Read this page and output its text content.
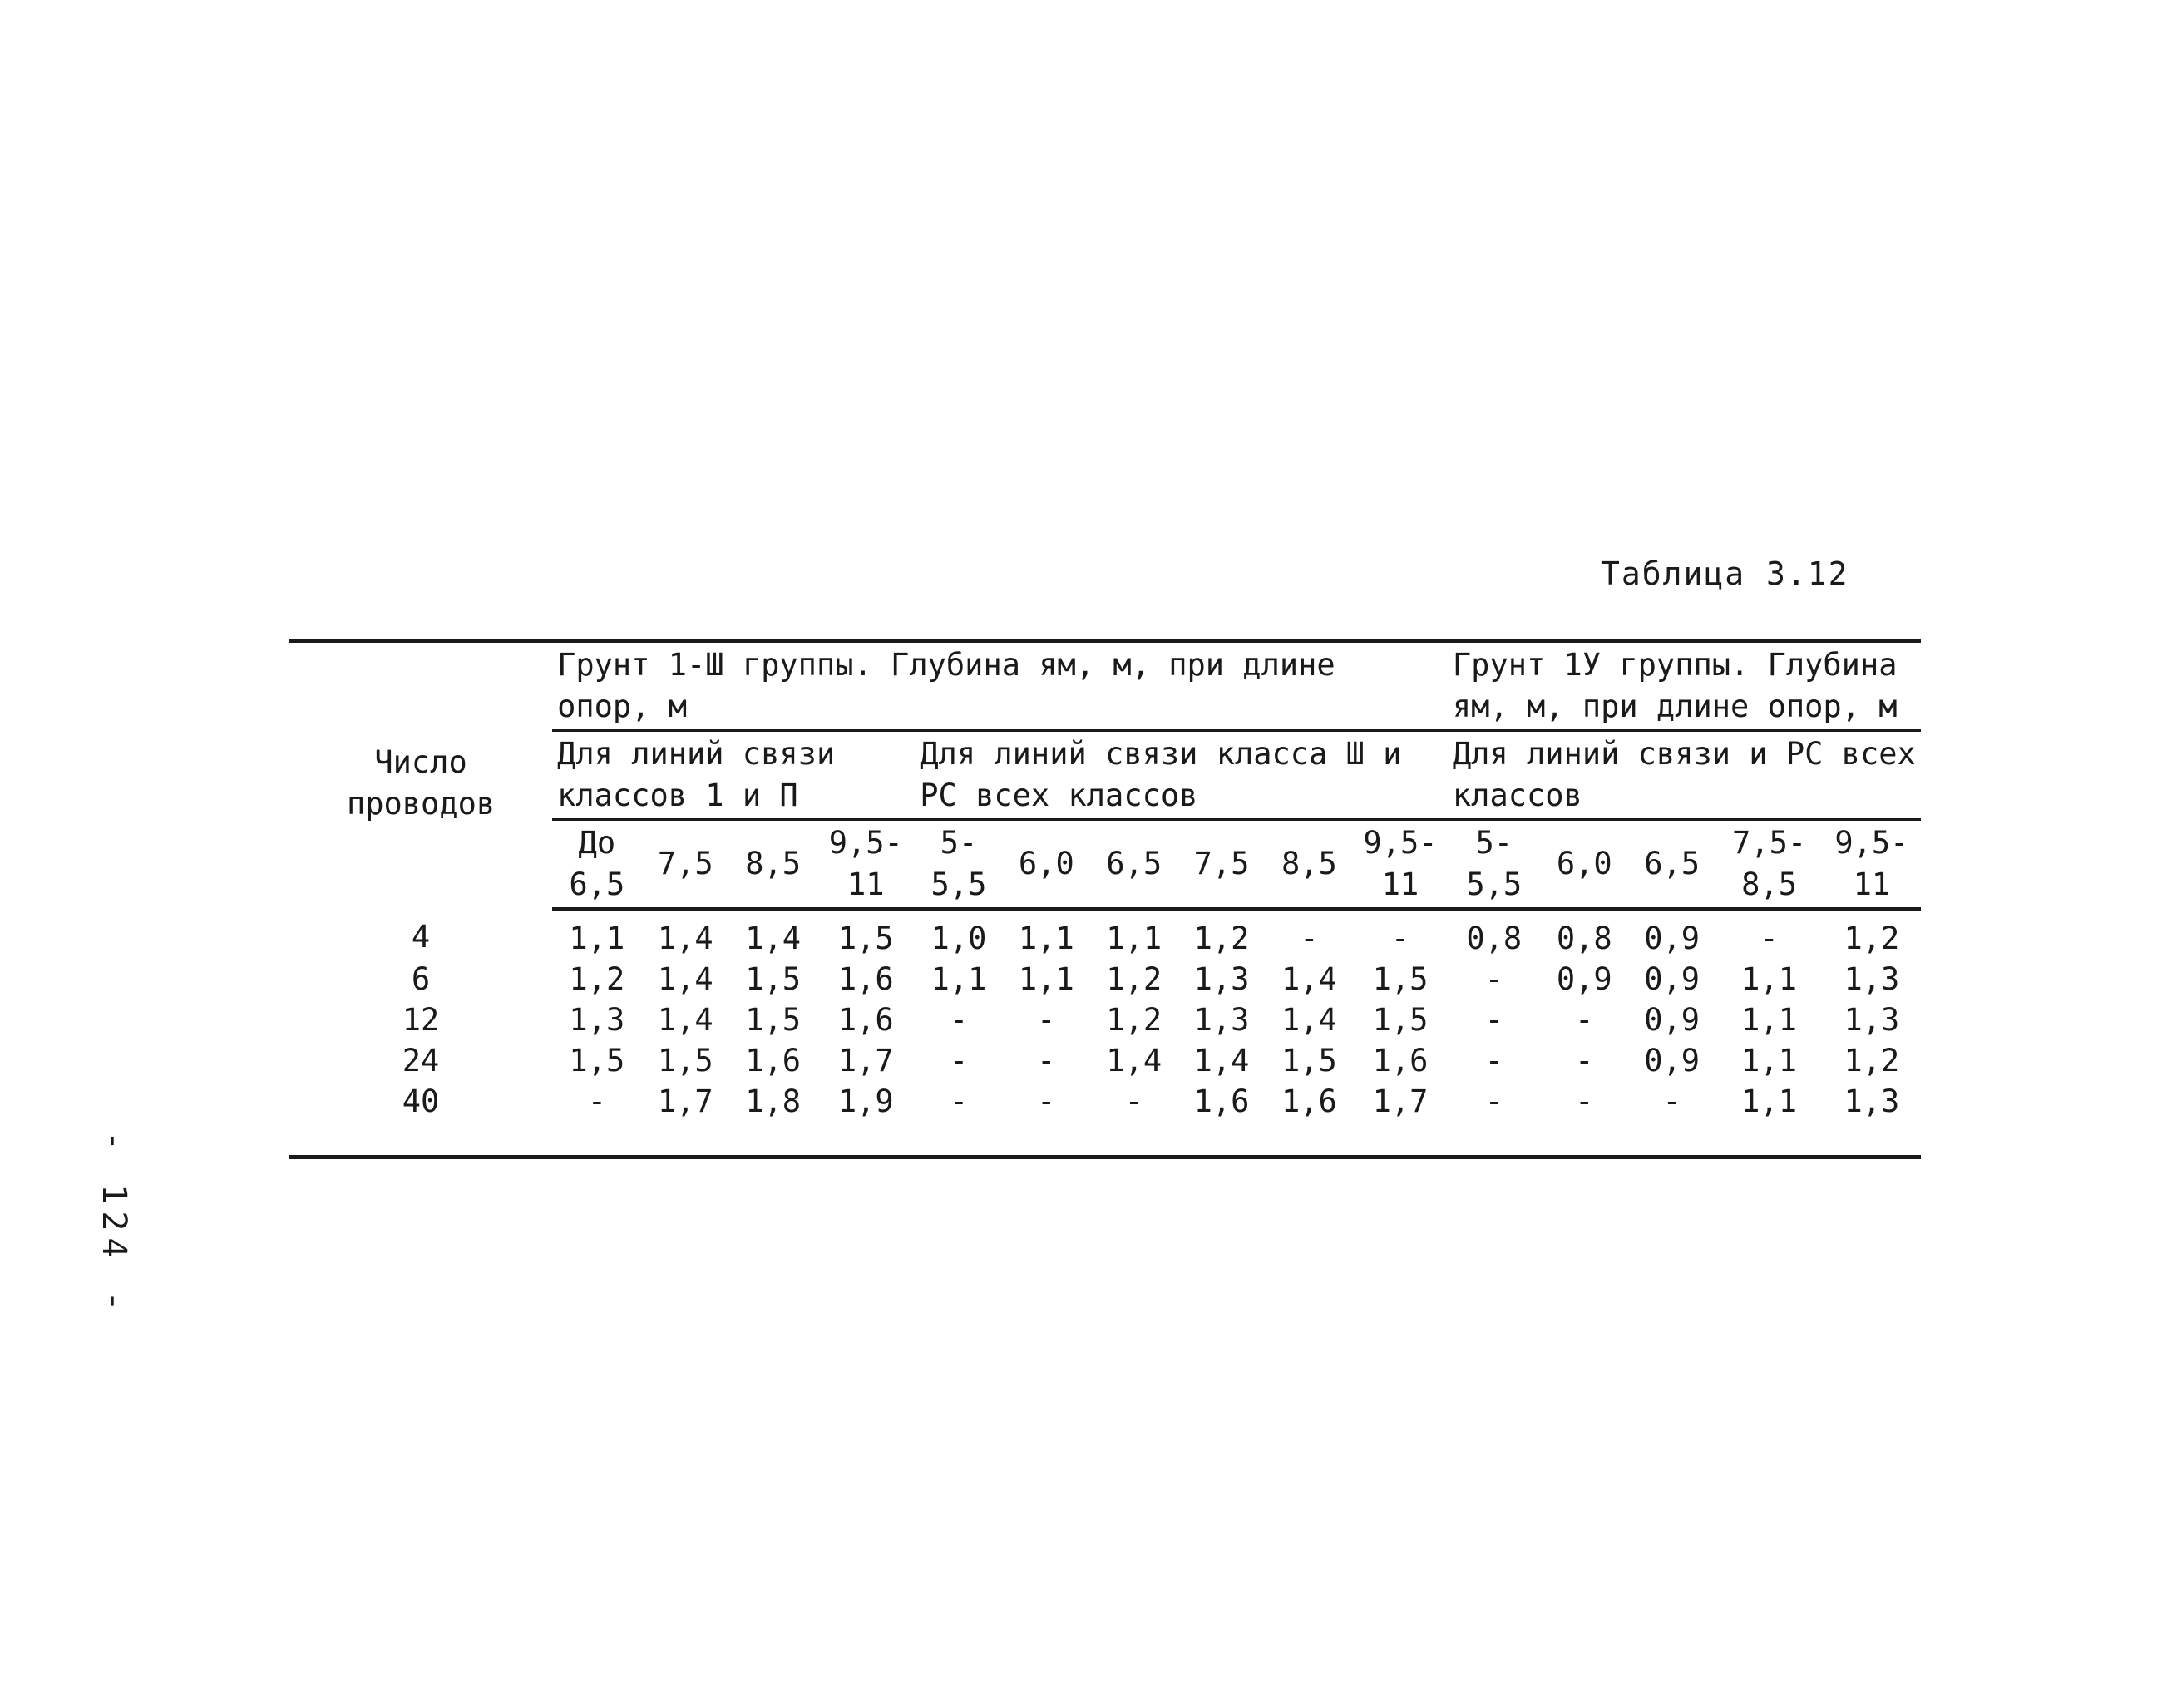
Таблица 3.12
- 124 -
Число проводов	Грунт 1-Ш группы. Глубина ям, м, при длине опор, м										Грунт 1У группы. Глубина ям, м, при длине опор, м				
	Для линий связи классов 1 и П				Для линий связи класса Ш и РС всех классов						Для линий связи и РС всех классов				
	До 6,5	7,5	8,5	9,5-11	5-5,5	6,0	6,5	7,5	8,5	9,5-11	5-5,5	6,0	6,5	7,5-8,5	9,5-11
4	1,1	1,4	1,4	1,5	1,0	1,1	1,1	1,2	-	-	0,8	0,8	0,9	-	1,2
6	1,2	1,4	1,5	1,6	1,1	1,1	1,2	1,3	1,4	1,5	-	0,9	0,9	1,1	1,3
12	1,3	1,4	1,5	1,6	-	-	1,2	1,3	1,4	1,5	-	-	0,9	1,1	1,3
24	1,5	1,5	1,6	1,7	-	-	1,4	1,4	1,5	1,6	-	-	0,9	1,1	1,2
40	-	1,7	1,8	1,9	-	-	-	1,6	1,6	1,7	-	-	-	1,1	1,3
